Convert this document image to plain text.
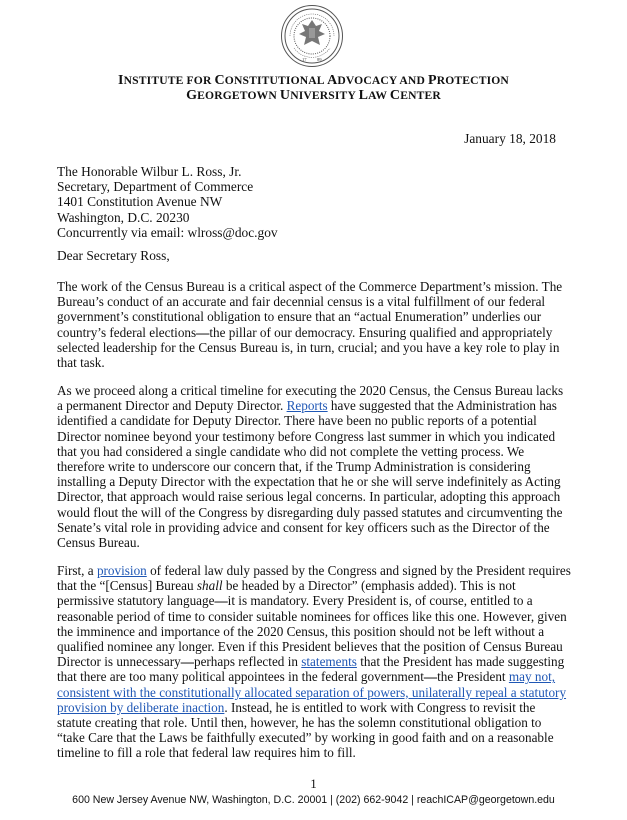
17 89
INSTITUTE FOR CONSTITUTIONAL ADVOCACY AND PROTECTION
GEORGETOWN UNIVERSITY LAW CENTER
January 18, 2018
The Honorable Wilbur L. Ross, Jr.
Secretary, Department of Commerce
1401 Constitution Avenue NW
Washington, D.C. 20230
Concurrently via email: wlross@doc.gov
Dear Secretary Ross,
The work of the Census Bureau is a critical aspect of the Commerce Department’s mission. The
Bureau’s conduct of an accurate and fair decennial census is a vital fulfillment of our federal
government’s constitutional obligation to ensure that an “actual Enumeration” underlies our
country’s federal elections—the pillar of our democracy. Ensuring qualified and appropriately
selected leadership for the Census Bureau is, in turn, crucial; and you have a key role to play in
that task.
As we proceed along a critical timeline for executing the 2020 Census, the Census Bureau lacks
a permanent Director and Deputy Director. Reports have suggested that the Administration has
identified a candidate for Deputy Director. There have been no public reports of a potential
Director nominee beyond your testimony before Congress last summer in which you indicated
that you had considered a single candidate who did not complete the vetting process. We
therefore write to underscore our concern that, if the Trump Administration is considering
installing a Deputy Director with the expectation that he or she will serve indefinitely as Acting
Director, that approach would raise serious legal concerns. In particular, adopting this approach
would flout the will of the Congress by disregarding duly passed statutes and circumventing the
Senate’s vital role in providing advice and consent for key officers such as the Director of the
Census Bureau.
First, a provision of federal law duly passed by the Congress and signed by the President requires
that the “[Census] Bureau shall be headed by a Director” (emphasis added). This is not
permissive statutory language—it is mandatory. Every President is, of course, entitled to a
reasonable period of time to consider suitable nominees for offices like this one. However, given
the imminence and importance of the 2020 Census, this position should not be left without a
qualified nominee any longer. Even if this President believes that the position of Census Bureau
Director is unnecessary—perhaps reflected in statements that the President has made suggesting
that there are too many political appointees in the federal government—the President may not,
consistent with the constitutionally allocated separation of powers, unilaterally repeal a statutory
provision by deliberate inaction. Instead, he is entitled to work with Congress to revisit the
statute creating that role. Until then, however, he has the solemn constitutional obligation to
“take Care that the Laws be faithfully executed” by working in good faith and on a reasonable
timeline to fill a role that federal law requires him to fill.
1
600 New Jersey Avenue NW, Washington, D.C. 20001 | (202) 662-9042 | reachICAP@georgetown.edu
